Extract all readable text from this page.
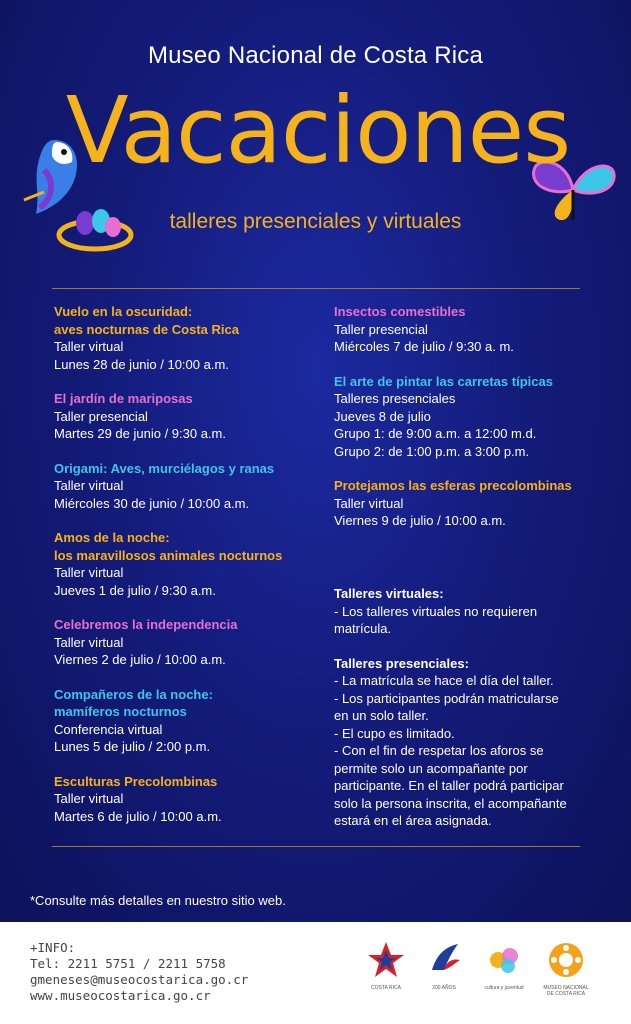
Museo Nacional de Costa Rica
Vacaciones
talleres presenciales y virtuales
Vuelo en la oscuridad:
aves nocturnas de Costa Rica
Taller virtual
Lunes 28 de junio / 10:00 a.m.
El jardín de mariposas
Taller presencial
Martes 29 de junio / 9:30 a.m.
Origami: Aves, murciélagos y ranas
Taller virtual
Miércoles 30 de junio / 10:00 a.m.
Amos de la noche:
los maravillosos animales nocturnos
Taller virtual
Jueves 1 de julio / 9:30 a.m.
Celebremos la independencia
Taller virtual
Viernes 2 de julio / 10:00 a.m.
Compañeros de la noche:
mamíferos nocturnos
Conferencia virtual
Lunes 5 de julio / 2:00 p.m.
Esculturas Precolombinas
Taller virtual
Martes 6 de julio / 10:00 a.m.
Insectos comestibles
Taller presencial
Miércoles 7 de julio / 9:30 a. m.
El arte de pintar las carretas típicas
Talleres presenciales
Jueves 8 de julio
Grupo 1: de 9:00 a.m. a 12:00 m.d.
Grupo 2: de 1:00 p.m. a 3:00 p.m.
Protejamos las esferas precolombinas
Taller virtual
Viernes 9 de julio / 10:00 a.m.
Talleres virtuales:
- Los talleres virtuales no requieren
matrícula.
Talleres presenciales:
- La matrícula se hace el día del taller.
- Los participantes podrán matricularse
en un solo taller.
- El cupo es limitado.
- Con el fin de respetar los aforos se
permite solo un acompañante por
participante. En el taller podrá participar
solo la persona inscrita, el acompañante
estará en el área asignada.
*Consulte más detalles en nuestro sitio web.
+INFO:
Tel: 2211 5751 / 2211 5758
gmeneses@museocostarica.go.cr
www.museocostarica.go.cr	COSTA RICA	200 AÑOS	cultura y juventud	MUSEO NACIONAL DE COSTA RICA
